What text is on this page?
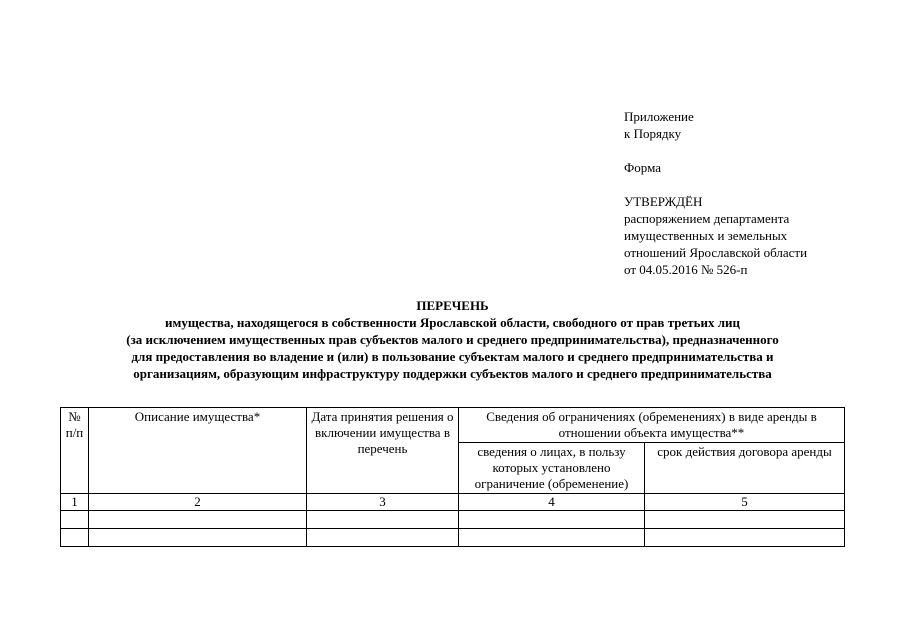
Приложение
к Порядку
Форма
УТВЕРЖДЁН
распоряжением департамента
имущественных и земельных
отношений Ярославской области
от 04.05.2016 № 526-п
ПЕРЕЧЕНЬ
имущества, находящегося в собственности Ярославской области, свободного от прав третьих лиц
(за исключением имущественных прав субъектов малого и среднего предпринимательства), предназначенного
для предоставления во владение и (или) в пользование субъектам малого и среднего предпринимательства и
организациям, образующим инфраструктуру поддержки субъектов малого и среднего предпринимательства
№ п/п	Описание имущества*	Дата принятия решения о включении имущества в перечень	Сведения об ограничениях (обременениях) в виде аренды в отношении объекта имущества**	
			сведения о лицах, в пользу которых установлено ограничение (обременение)	срок действия договора аренды
1	2	3	4	5
